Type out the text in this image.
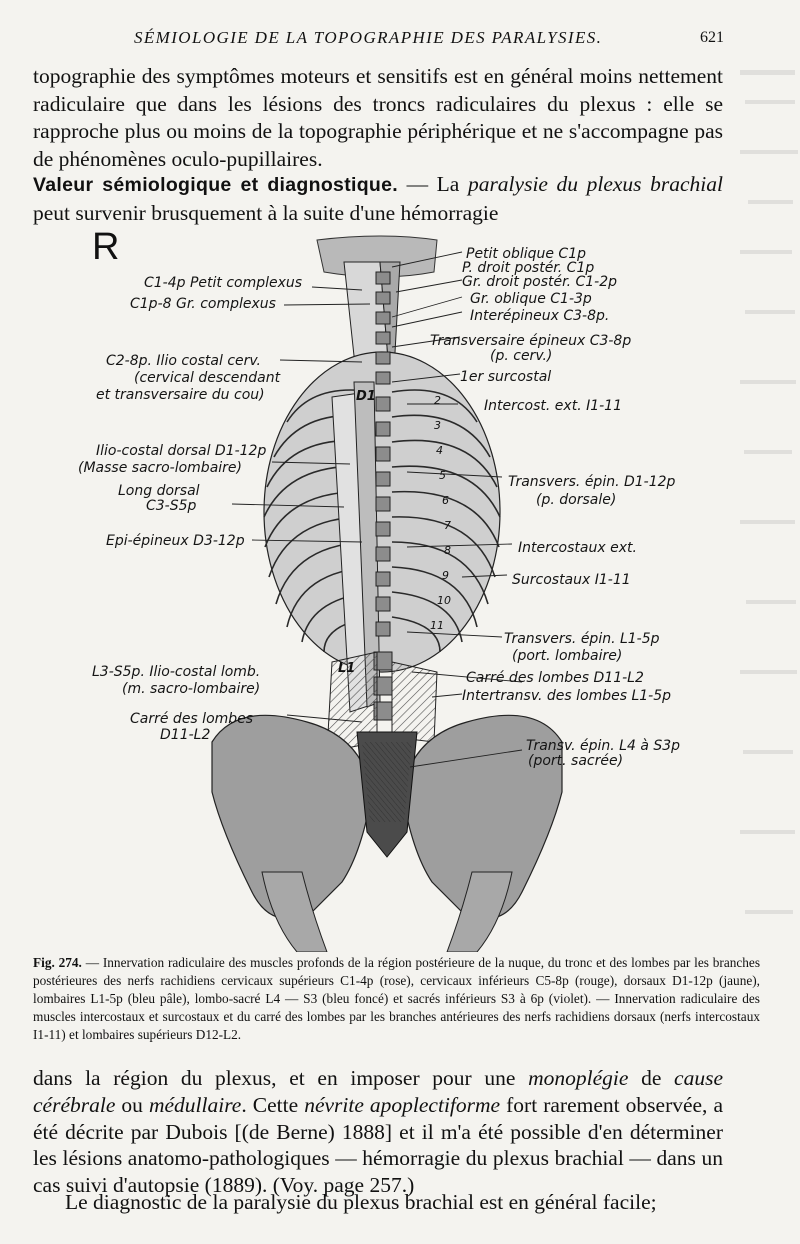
SÉMIOLOGIE DE LA TOPOGRAPHIE DES PARALYSIES.	621
topographie des symptômes moteurs et sensitifs est en général moins nettement radiculaire que dans les lésions des troncs radiculaires du plexus : elle se rapproche plus ou moins de la topographie périphérique et ne s'accompagne pas de phénomènes oculo-pupillaires.
Valeur sémiologique et diagnostique. — La paralysie du plexus brachial peut survenir brusquement à la suite d'une hémorragie
R
D1
L1
2
3
4
5
6
7
8
9
10
11
C1-4p Petit complexus
C1p-8 Gr. complexus
C2-8p. Ilio costal cerv.
(cervical descendant
et transversaire du cou)
Ilio-costal dorsal D1-12p
(Masse sacro-lombaire)
Long dorsal
C3-S5p
Epi-épineux D3-12p
L3-S5p. Ilio-costal lomb.
(m. sacro-lombaire)
Carré des lombes
D11-L2
Petit oblique C1p
P. droit postér. C1p
Gr. droit postér. C1-2p
Gr. oblique C1-3p
Interépineux C3-8p.
Transversaire épineux C3-8p
(p. cerv.)
1er surcostal
Intercost. ext. I1-11
Transvers. épin. D1-12p
(p. dorsale)
Intercostaux ext.
Surcostaux I1-11
Transvers. épin. L1-5p
(port. lombaire)
Carré des lombes D11-L2
Intertransv. des lombes L1-5p
Transv. épin. L4 à S3p
(port. sacrée)
Fig. 274. — Innervation radiculaire des muscles profonds de la région postérieure de la nuque, du tronc et des lombes par les branches postérieures des nerfs rachidiens cervicaux supérieurs C1-4p (rose), cervicaux inférieurs C5-8p (rouge), dorsaux D1-12p (jaune), lombaires L1-5p (bleu pâle), lombo-sacré L4 — S3 (bleu foncé) et sacrés inférieurs S3 à 6p (violet). — Innervation radiculaire des muscles intercostaux et surcostaux et du carré des lombes par les branches antérieures des nerfs rachidiens dorsaux (nerfs intercostaux I1-11) et lombaires supérieurs D12-L2.
dans la région du plexus, et en imposer pour une monoplégie de cause cérébrale ou médullaire. Cette névrite apoplectiforme fort rarement observée, a été décrite par Dubois [(de Berne) 1888] et il m'a été possible d'en déterminer les lésions anatomo-pathologiques — hémorragie du plexus brachial — dans un cas suivi d'autopsie (1889). (Voy. page 257.)
Le diagnostic de la paralysie du plexus brachial est en général facile;
